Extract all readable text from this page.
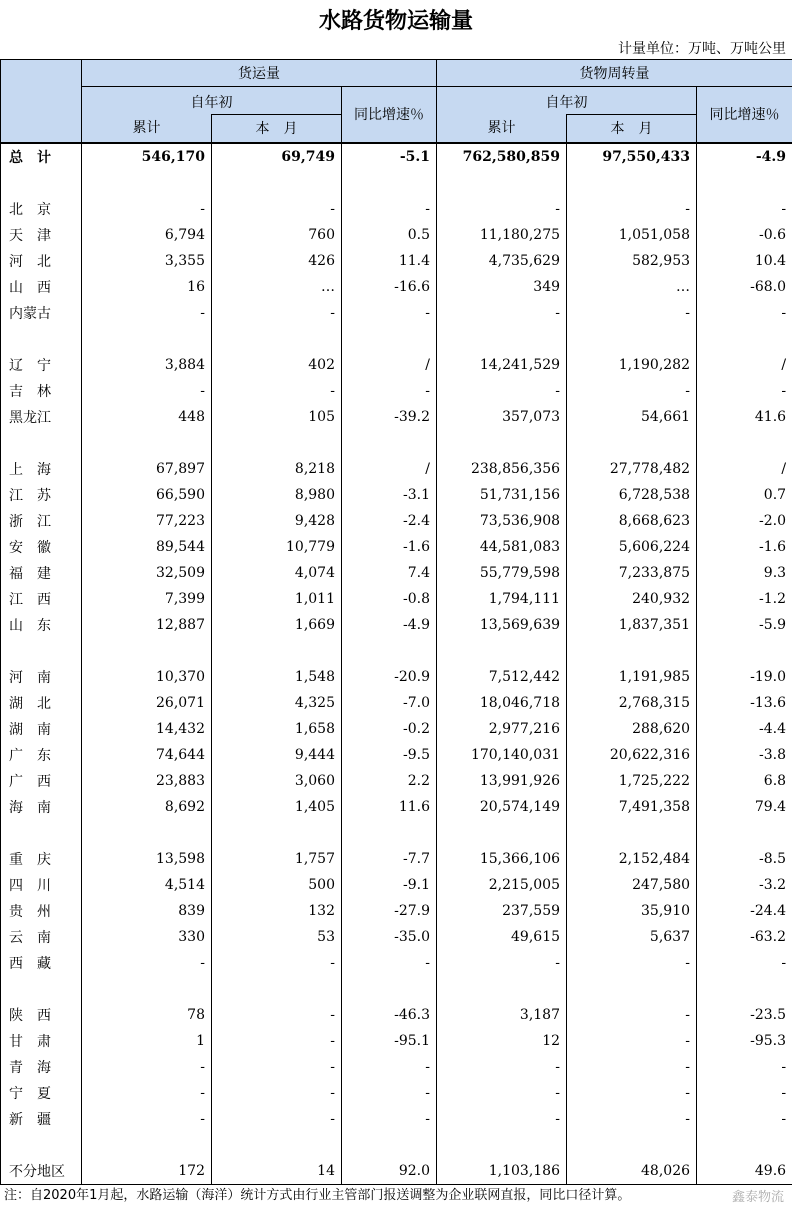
水路货物运输量
计量单位：万吨、万吨公里
	货运量			货物周转量		
	自年初		同比增速％	自年初		同比增速％
	累计	本　月		累计	本　月	
总　计	546,170	69,749	-5.1	762,580,859	97,550,433	-4.9

北　京	-	-	-	-	-	-
天　津	6,794	760	0.5	11,180,275	1,051,058	-0.6
河　北	3,355	426	11.4	4,735,629	582,953	10.4
山　西	16	…	-16.6	349	…	-68.0
内蒙古	-	-	-	-	-	-

辽　宁	3,884	402	/	14,241,529	1,190,282	/
吉　林	-	-	-	-	-	-
黑龙江	448	105	-39.2	357,073	54,661	41.6

上　海	67,897	8,218	/	238,856,356	27,778,482	/
江　苏	66,590	8,980	-3.1	51,731,156	6,728,538	0.7
浙　江	77,223	9,428	-2.4	73,536,908	8,668,623	-2.0
安　徽	89,544	10,779	-1.6	44,581,083	5,606,224	-1.6
福　建	32,509	4,074	7.4	55,779,598	7,233,875	9.3
江　西	7,399	1,011	-0.8	1,794,111	240,932	-1.2
山　东	12,887	1,669	-4.9	13,569,639	1,837,351	-5.9

河　南	10,370	1,548	-20.9	7,512,442	1,191,985	-19.0
湖　北	26,071	4,325	-7.0	18,046,718	2,768,315	-13.6
湖　南	14,432	1,658	-0.2	2,977,216	288,620	-4.4
广　东	74,644	9,444	-9.5	170,140,031	20,622,316	-3.8
广　西	23,883	3,060	2.2	13,991,926	1,725,222	6.8
海　南	8,692	1,405	11.6	20,574,149	7,491,358	79.4

重　庆	13,598	1,757	-7.7	15,366,106	2,152,484	-8.5
四　川	4,514	500	-9.1	2,215,005	247,580	-3.2
贵　州	839	132	-27.9	237,559	35,910	-24.4
云　南	330	53	-35.0	49,615	5,637	-63.2
西　藏	-	-	-	-	-	-

陕　西	78	-	-46.3	3,187	-	-23.5
甘　肃	1	-	-95.1	12	-	-95.3
青　海	-	-	-	-	-	-
宁　夏	-	-	-	-	-	-
新　疆	-	-	-	-	-	-

不分地区	172	14	92.0	1,103,186	48,026	49.6
注：自2020年1月起，水路运输（海洋）统计方式由行业主管部门报送调整为企业联网直报，同比口径计算。	鑫泰物流
